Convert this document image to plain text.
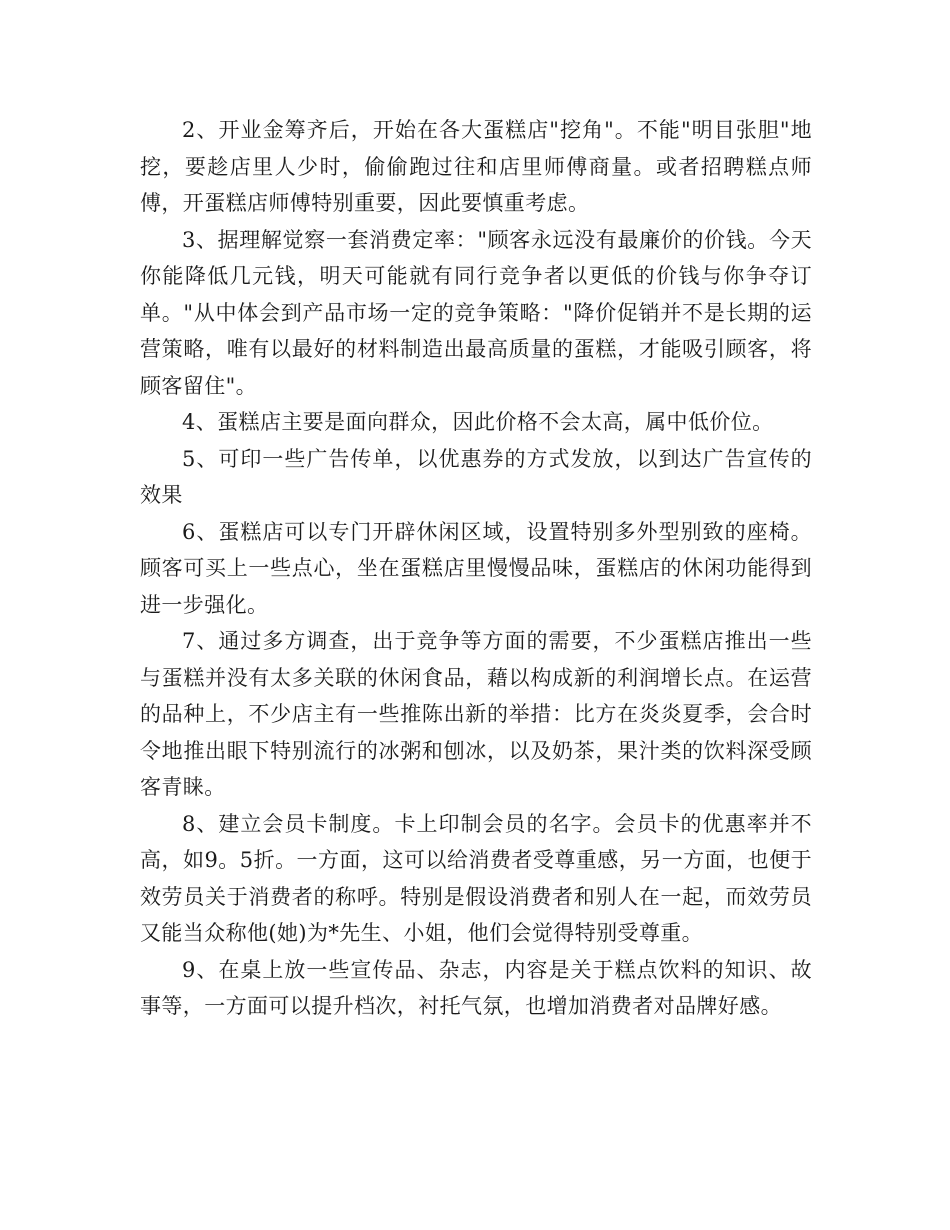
2、开业金筹齐后，开始在各大蛋糕店"挖角"。不能"明目张胆"地挖，要趁店里人少时，偷偷跑过往和店里师傅商量。或者招聘糕点师傅，开蛋糕店师傅特别重要，因此要慎重考虑。

3、据理解觉察一套消费定率："顾客永远没有最廉价的价钱。今天你能降低几元钱，明天可能就有同行竞争者以更低的价钱与你争夺订单。"从中体会到产品市场一定的竞争策略："降价促销并不是长期的运营策略，唯有以最好的材料制造出最高质量的蛋糕，才能吸引顾客，将顾客留住"。

4、蛋糕店主要是面向群众，因此价格不会太高，属中低价位。

5、可印一些广告传单，以优惠券的方式发放，以到达广告宣传的效果

6、蛋糕店可以专门开辟休闲区域，设置特别多外型别致的座椅。顾客可买上一些点心，坐在蛋糕店里慢慢品味，蛋糕店的休闲功能得到进一步强化。

7、通过多方调查，出于竞争等方面的需要，不少蛋糕店推出一些与蛋糕并没有太多关联的休闲食品，藉以构成新的利润增长点。在运营的品种上，不少店主有一些推陈出新的举措：比方在炎炎夏季，会合时令地推出眼下特别流行的冰粥和刨冰，以及奶茶，果汁类的饮料深受顾客青睐。

8、建立会员卡制度。卡上印制会员的名字。会员卡的优惠率并不高，如9。5折。一方面，这可以给消费者受尊重感，另一方面，也便于效劳员关于消费者的称呼。特别是假设消费者和别人在一起，而效劳员又能当众称他(她)为*先生、小姐，他们会觉得特别受尊重。

9、在桌上放一些宣传品、杂志，内容是关于糕点饮料的知识、故事等，一方面可以提升档次，衬托气氛，也增加消费者对品牌好感。
